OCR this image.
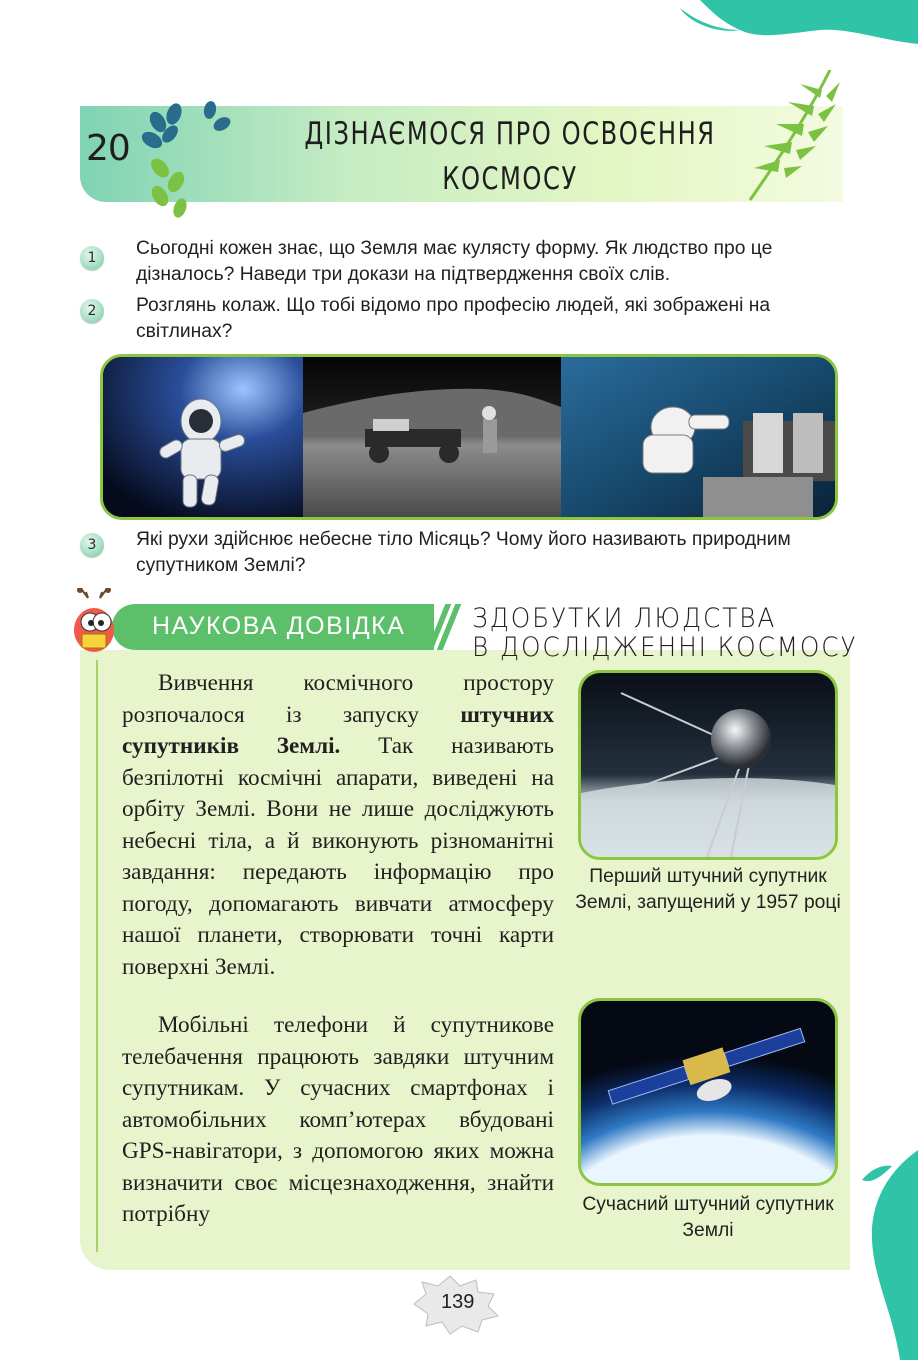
20	ДІЗНАЄМОСЯ ПРО ОСВОЄННЯ
КОСМОСУ
1	Сьогодні кожен знає, що Земля має кулясту форму. Як людство про це дізналось? Наведи три докази на підтвердження своїх слів.
2	Розглянь колаж. Що тобі відомо про професію людей, які зображені на світлинах?
3	Які рухи здійснює небесне тіло Місяць? Чому його називають природним супутником Землі?
НАУКОВА ДОВІДКА ЗДОБУТКИ ЛЮДСТВА
В ДОСЛІДЖЕННІ КОСМОСУ
Вивчення космічного простору розпочалося із запуску штучних супутників Землі. Так називають безпілотні космічні апарати, виведені на орбіту Землі. Вони не лише досліджують небесні тіла, а й виконують різноманітні завдання: передають інформацію про погоду, допомагають вивчати атмосферу нашої планети, створювати точні карти поверхні Землі.
Мобільні телефони й супутникове телебачення працюють завдяки штучним супутникам. У сучасних смартфонах і автомобільних комп’ютерах вбудовані GPS-навігатори, з допомогою яких можна визначити своє місцезнаходження, знайти потрібну
Перший штучний супутник Землі, запущений у 1957 році
Сучасний штучний супутник Землі
139
